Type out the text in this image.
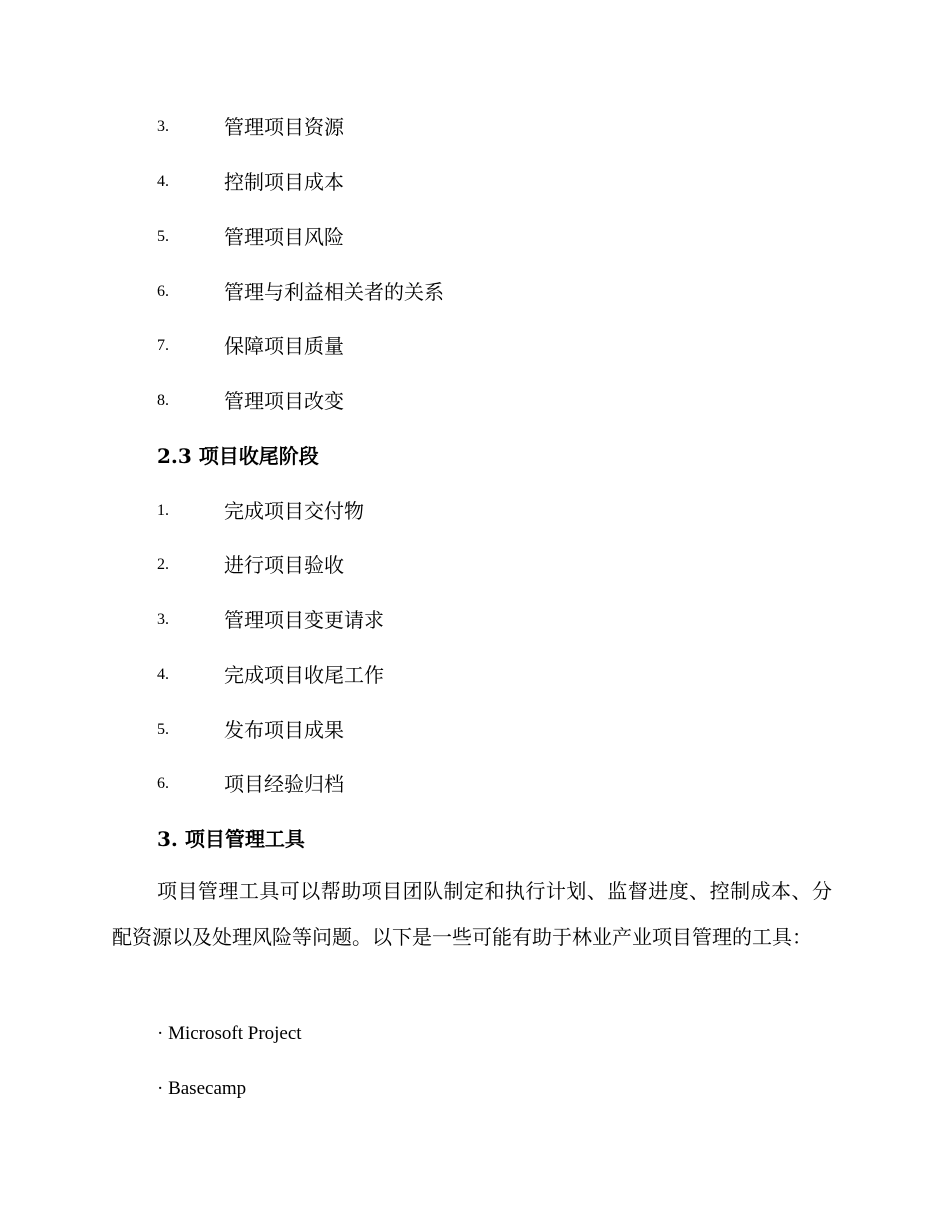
3.	管理项目资源
4.	控制项目成本
5.	管理项目风险
6.	管理与利益相关者的关系
7.	保障项目质量
8.	管理项目改变
2.3 项目收尾阶段
1.	完成项目交付物
2.	进行项目验收
3.	管理项目变更请求
4.	完成项目收尾工作
5.	发布项目成果
6.	项目经验归档
3. 项目管理工具
项目管理工具可以帮助项目团队制定和执行计划、监督进度、控制成本、分配资源以及处理风险等问题。以下是一些可能有助于林业产业项目管理的工具：
· Microsoft Project
· Basecamp
